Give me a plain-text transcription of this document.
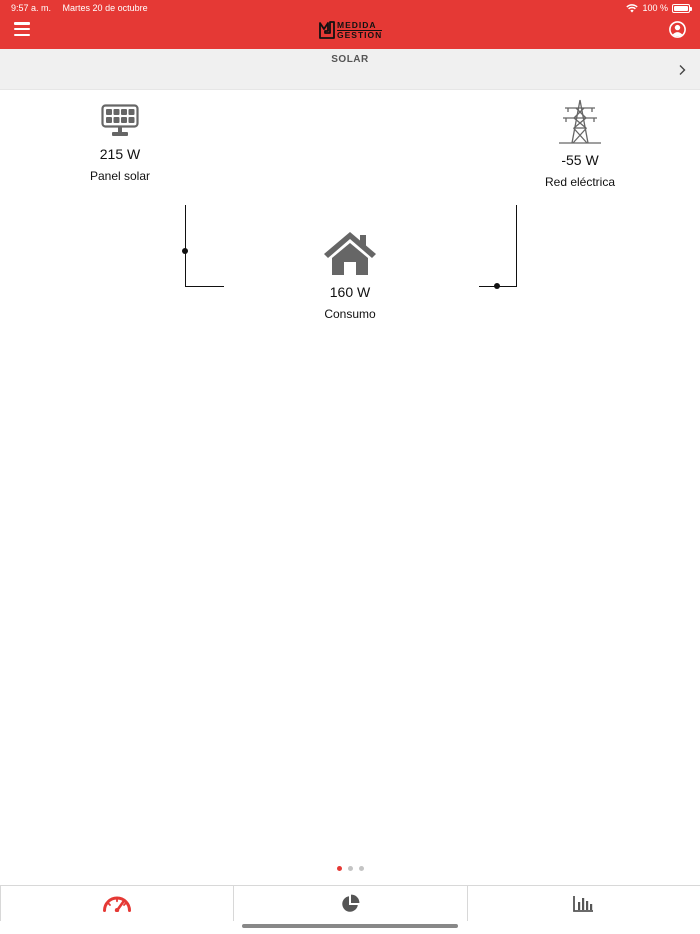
9:57 a. m. Martes 20 de octubre	100 %
MEDIDA
GESTION
SOLAR
215 W
Panel solar
-55 W
Red eléctrica
160 W
Consumo
